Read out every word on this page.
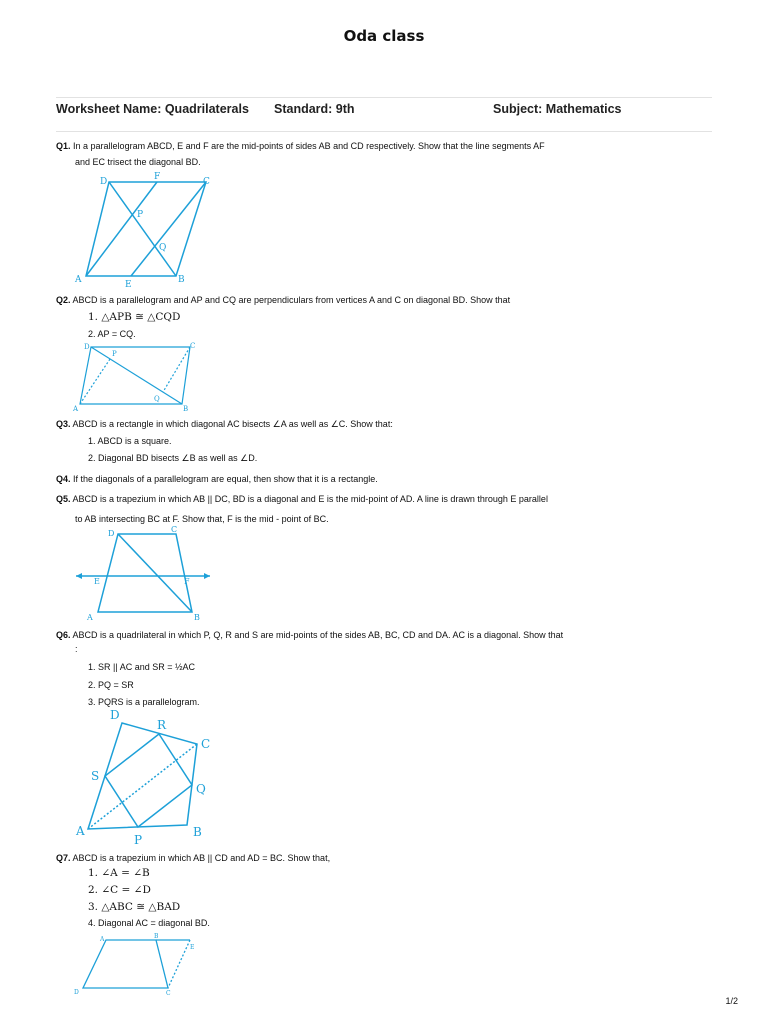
Oda class
Worksheet Name: Quadrilaterals Standard: 9th	Subject: Mathematics
Q1. In a parallelogram ABCD, E and F are the mid-points of sides AB and CD respectively. Show that the line segments AF
and EC trisect the diagonal BD.
D	F	C
P
Q
A	E	B
Q2. ABCD is a parallelogram and AP and CQ are perpendiculars from vertices A and C on diagonal BD. Show that
1. △APB ≅ △CQD
2. AP = CQ.
D
P
C
A
Q
B
Q3. ABCD is a rectangle in which diagonal AC bisects ∠A as well as ∠C. Show that:
1. ABCD is a square.
2. Diagonal BD bisects ∠B as well as ∠D.
Q4. If the diagonals of a parallelogram are equal, then show that it is a rectangle.
Q5. ABCD is a trapezium in which AB || DC, BD is a diagonal and E is the mid-point of AD. A line is drawn through E parallel
to AB intersecting BC at F. Show that, F is the mid - point of BC.
D	C
E	F
A	B
Q6. ABCD is a quadrilateral in which P, Q, R and S are mid-points of the sides AB, BC, CD and DA. AC is a diagonal. Show that
:
1. SR || AC and SR = ½AC
2. PQ = SR
3. PQRS is a parallelogram.
D
R
C
S
Q
A
P
B
Q7. ABCD is a trapezium in which AB || CD and AD = BC. Show that,
1. ∠A = ∠B
2. ∠C = ∠D
3. △ABC ≅ △BAD
4. Diagonal AC = diagonal BD.
A	B
E
D	C
1/2
